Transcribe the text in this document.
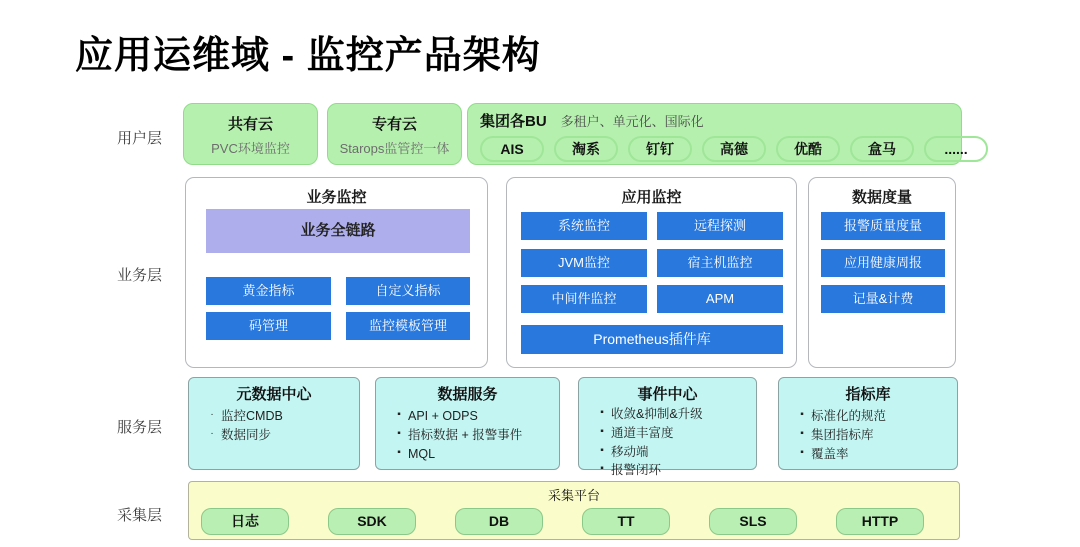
应用运维域 - 监控产品架构
用户层
业务层
服务层
采集层
共有云
PVC环境监控
专有云
Starops监管控一体
集团各BU 多租户、单元化、国际化
AIS	淘系	钉钉	高德	优酷	盒马	......
业务监控
业务全链路
黄金指标	自定义指标
码管理	监控模板管理
应用监控
系统监控	远程探测
JVM监控	宿主机监控
中间件监控	APM
Prometheus插件库
数据度量
报警质量度量
应用健康周报
记量&计费
元数据中心
· 监控CMDB
· 数据同步
数据服务
▪ API + ODPS
▪ 指标数据 + 报警事件
▪ MQL
事件中心
▪ 收敛&抑制&升级
▪ 通道丰富度
▪ 移动端
▪ 报警闭环
指标库
▪ 标准化的规范
▪ 集团指标库
▪ 覆盖率
采集平台
日志	SDK	DB	TT	SLS	HTTP
